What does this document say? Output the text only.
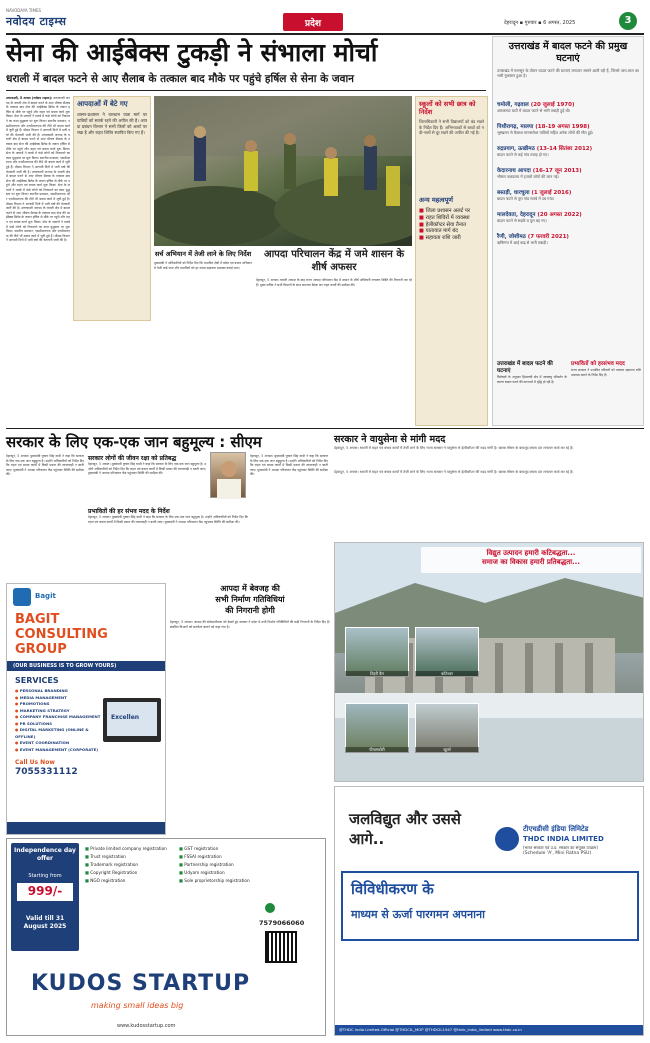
NAVODAYA TIMES
नवोदय टाइम्स	प्रदेश	देहरादून ▪ गुरुवार ▪ 6 अगस्त, 2025	3
सेना की आईबेक्स टुकड़ी ने संभाला मोर्चा
धराली में बादल फटने से आए सैलाब के तत्काल बाद मौके पर पहुंचे हर्षिल से सेना के जवान
उत्तरकाशी, 5 अगस्त (नवोदय टाइम्स): उत्तरकाशी जनपद के धराली क्षेत्र में बादल फटने से आए भीषण सैलाब के तत्काल बाद सेना की आईबेक्स ब्रिगेड के जवान हर्षिल से मौके पर पहुंचे और राहत एवं बचाव कार्य शुरू किया। सेना के जवानों ने मलबे में फंसे लोगों को निकालने का काम युद्धस्तर पर शुरू किया। स्थानीय प्रशासन, एसडीआरएफ और एनडीआरएफ की टीमें भी बचाव कार्य में जुटी हुई हैं। मौसम विभाग ने आगामी दिनों में भारी वर्षा की चेतावनी जारी की है। उत्तरकाशी जनपद के धराली क्षेत्र में बादल फटने से आए भीषण सैलाब के तत्काल बाद सेना की आईबेक्स ब्रिगेड के जवान हर्षिल से मौके पर पहुंचे और राहत एवं बचाव कार्य शुरू किया। सेना के जवानों ने मलबे में फंसे लोगों को निकालने का काम युद्धस्तर पर शुरू किया। स्थानीय प्रशासन, एसडीआरएफ और एनडीआरएफ की टीमें भी बचाव कार्य में जुटी हुई हैं। मौसम विभाग ने आगामी दिनों में भारी वर्षा की चेतावनी जारी की है। उत्तरकाशी जनपद के धराली क्षेत्र में बादल फटने से आए भीषण सैलाब के तत्काल बाद सेना की आईबेक्स ब्रिगेड के जवान हर्षिल से मौके पर पहुंचे और राहत एवं बचाव कार्य शुरू किया। सेना के जवानों ने मलबे में फंसे लोगों को निकालने का काम युद्धस्तर पर शुरू किया। स्थानीय प्रशासन, एसडीआरएफ और एनडीआरएफ की टीमें भी बचाव कार्य में जुटी हुई हैं। मौसम विभाग ने आगामी दिनों में भारी वर्षा की चेतावनी जारी की है। उत्तरकाशी जनपद के धराली क्षेत्र में बादल फटने से आए भीषण सैलाब के तत्काल बाद सेना की आईबेक्स ब्रिगेड के जवान हर्षिल से मौके पर पहुंचे और राहत एवं बचाव कार्य शुरू किया। सेना के जवानों ने मलबे में फंसे लोगों को निकालने का काम युद्धस्तर पर शुरू किया। स्थानीय प्रशासन, एसडीआरएफ और एनडीआरएफ की टीमें भी बचाव कार्य में जुटी हुई हैं। मौसम विभाग ने आगामी दिनों में भारी वर्षा की चेतावनी जारी की है।
आपदाओं में बेटे गए
शासन-प्रशासन ने चारधाम यात्रा मार्ग पर यात्रियों को सतर्क रहने की अपील की है। आपदा प्रबंधन विभाग ने सभी जिलों को अलर्ट पर रखा है और राहत शिविर स्थापित किए गए हैं।
स्कूलों को सभी छात्र को निर्देश
जिलाधिकारी ने सभी विद्यालयों को बंद रखने के निर्देश दिए हैं। अभिभावकों से बच्चों को नदी-नालों से दूर रखने की अपील की गई है।
अन्य महत्वपूर्ण
■ जिला प्रशासन अलर्ट पर
■ राहत शिविरों में व्यवस्था
■ हेलीकॉप्टर सेवा तैनात
■ यातायात मार्ग बंद
■ सहायता राशि जारी
सर्च अभियान में तेजी लाने के लिए निर्देश
मुख्यमंत्री ने अधिकारियों को निर्देश दिए कि प्रभावित क्षेत्रों में खोज एवं बचाव अभियान में तेजी लाई जाए और प्रभावितों को हर संभव सहायता उपलब्ध कराई जाए।
आपदा परिचालन केंद्र में जमे शासन के शीर्ष अफसर
देहरादून, 5 अगस्त। धराली आपदा के बाद राज्य आपदा परिचालन केंद्र में शासन के शीर्ष अधिकारी लगातार स्थिति की निगरानी कर रहे हैं। मुख्य सचिव ने सभी विभागों के साथ समन्वय बैठक कर राहत कार्यों की समीक्षा की।
उत्तराखंड में बादल फटने की प्रमुख घटनाएं
उत्तराखंड में मानसून के दौरान बादल फटने की घटनाएं लगातार सामने आती रही हैं, जिनसे जान-माल का भारी नुकसान हुआ है।
चमोली, गढ़वाल (20 जुलाई 1970)
अलकनंदा घाटी में बादल फटने से भारी तबाही हुई थी।
पिथौरागढ़, मालपा (18-19 अगस्त 1998)
भूस्खलन से कैलाश मानसरोवर यात्रियों सहित अनेक लोगों की मौत हुई।
रुद्रप्रयाग, ऊखीमठ (13-14 सितंबर 2012)
बादल फटने से कई गांव तबाह हो गए।
केदारनाथ आपदा (16-17 जून 2013)
भीषण जलप्रलय में हजारों लोगों की जान गई।
बस्तड़ी, धारचूला (1 जुलाई 2016)
बादल फटने से पूरा गांव मलबे में दब गया।
मालदेवता, देहरादून (20 अगस्त 2022)
बादल फटने से सड़कें व पुल बह गए।
रैणी, जोशीमठ (7 फरवरी 2021)
ऋषिगंगा में आई बाढ़ से भारी तबाही।
उत्तराखंड में बादल फटने की घटनाएं
विशेषज्ञों के अनुसार हिमालयी क्षेत्र में जलवायु परिवर्तन के कारण बादल फटने की घटनाओं में वृद्धि हो रही है।
प्रभावितों को हरसंभव मदद
राज्य सरकार ने प्रभावित परिवारों को तत्काल सहायता राशि उपलब्ध कराने के निर्देश दिए हैं।
सरकार के लिए एक-एक जान बहुमूल्य : सीएम
देहरादून, 5 अगस्त। मुख्यमंत्री पुष्कर सिंह धामी ने कहा कि सरकार के लिए एक-एक जान बहुमूल्य है। उन्होंने अधिकारियों को निर्देश दिए कि राहत एवं बचाव कार्यों में किसी प्रकार की लापरवाही न बरती जाए। मुख्यमंत्री ने आपदा परिचालन केंद्र पहुंचकर स्थिति की समीक्षा की।
सरकार लोगों की जीवन रक्षा को प्रतिबद्ध
देहरादून, 5 अगस्त। मुख्यमंत्री पुष्कर सिंह धामी ने कहा कि सरकार के लिए एक-एक जान बहुमूल्य है। उन्होंने अधिकारियों को निर्देश दिए कि राहत एवं बचाव कार्यों में किसी प्रकार की लापरवाही न बरती जाए। मुख्यमंत्री ने आपदा परिचालन केंद्र पहुंचकर स्थिति की समीक्षा की।
प्रभावितों की हर संभव मदद के निर्देश
देहरादून, 5 अगस्त। मुख्यमंत्री पुष्कर सिंह धामी ने कहा कि सरकार के लिए एक-एक जान बहुमूल्य है। उन्होंने अधिकारियों को निर्देश दिए कि राहत एवं बचाव कार्यों में किसी प्रकार की लापरवाही न बरती जाए। मुख्यमंत्री ने आपदा परिचालन केंद्र पहुंचकर स्थिति की समीक्षा की।
देहरादून, 5 अगस्त। मुख्यमंत्री पुष्कर सिंह धामी ने कहा कि सरकार के लिए एक-एक जान बहुमूल्य है। उन्होंने अधिकारियों को निर्देश दिए कि राहत एवं बचाव कार्यों में किसी प्रकार की लापरवाही न बरती जाए। मुख्यमंत्री ने आपदा परिचालन केंद्र पहुंचकर स्थिति की समीक्षा की।
सरकार ने वायुसेना से मांगी मदद
देहरादून, 5 अगस्त। धराली में राहत एवं बचाव कार्यों में तेजी लाने के लिए राज्य सरकार ने वायुसेना से हेलीकॉप्टर की मदद मांगी है। खराब मौसम के बावजूद बचाव दल लगातार कार्य कर रहे हैं।
देहरादून, 5 अगस्त। धराली में राहत एवं बचाव कार्यों में तेजी लाने के लिए राज्य सरकार ने वायुसेना से हेलीकॉप्टर की मदद मांगी है। खराब मौसम के बावजूद बचाव दल लगातार कार्य कर रहे हैं।
विद्युत उत्पादन हमारी कटिबद्धता...
समाज का विकास हमारी प्रतिबद्धता...
टिहरी डैम	कोटेश्वर
पीपलकोटी	खुर्जा
Bagit
BAGIT
CONSULTING
GROUP
(OUR BUSINESS IS TO GROW YOURS)
SERVICES
● PERSONAL BRANDING
● MEDIA MANAGEMENT
● PROMOTIONS
● MARKETING STRATEGY
● COMPANY FRANCHISE MANAGEMENT
● PR SOLUTIONS
● DIGITAL MARKETING (ONLINE & OFFLINE)
● EVENT COORDINATION
● EVENT MANAGEMENT (CORPORATE)
Excellen
Call Us Now
7055331112
आपदा में बेवजह की
सभी निर्माण गतिविधियां
की निगरानी होगी
देहरादून, 5 अगस्त। आपदा की संवेदनशीलता को देखते हुए सरकार ने प्रदेश में सभी निर्माण गतिविधियों की कड़ी निगरानी के निर्देश दिए हैं। संबंधित विभागों को सतर्कता बरतने को कहा गया है।
Independence day offer
Starting from
999/-
Valid till 31 August 2025
■ Private limited company registration
■ Trust registration
■ Trademark registration
■ Copyright Registration
■ NGO registration
■ GST registration
■ FSSAI registration
■ Partnership registration
■ Udyam registration
■ Sole proprietorship registration
7579066060
KUDOS STARTUP
making small ideas big
www.kudosstartup.com
जलविद्युत और उससे
आगे..
टीएचडीसी इंडिया लिमिटेड
THDC INDIA LIMITED
(भारत सरकार एवं उ.प्र. सरकार का संयुक्त उपक्रम)
(Schedule 'A', Mini Ratna PSU)
विविधीकरण के
माध्यम से ऊर्जा पारगमन अपनाना
@THDC India Limited-Official @THDCIL_MOP @THDCIL1947 @thdc_india_limited www.thdc.co.in
